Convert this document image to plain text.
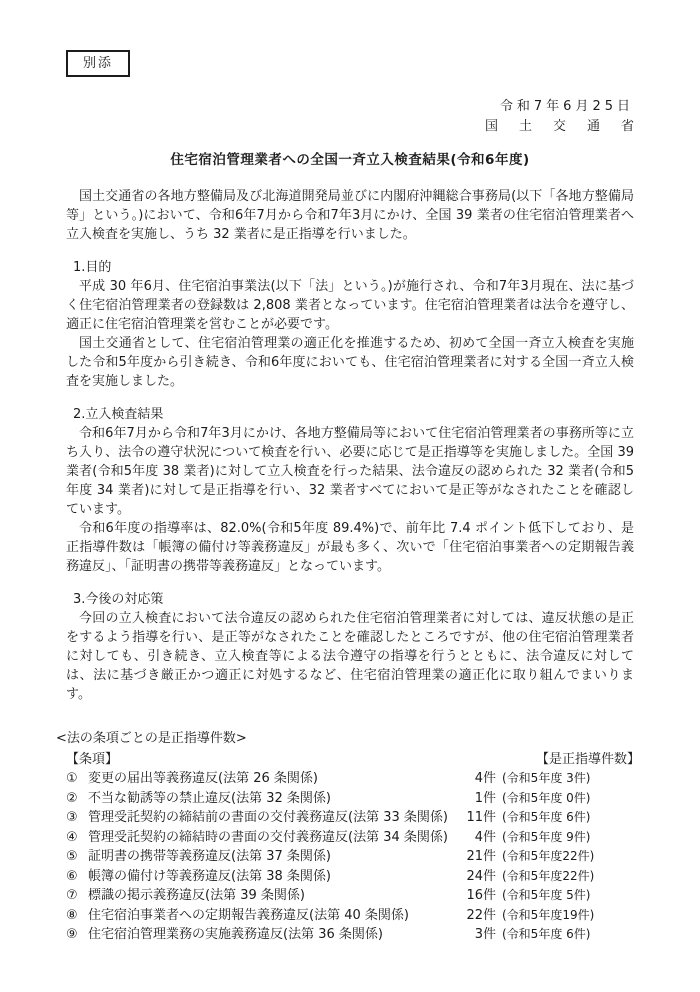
別添
令和7年6月25日
国土交通省
住宅宿泊管理業者への全国一斉立入検査結果(令和6年度)

国土交通省の各地方整備局及び北海道開発局並びに内閣府沖縄総合事務局(以下「各地方整備局等」という。)において、令和6年7月から令和7年3月にかけ、全国 39 業者の住宅宿泊管理業者へ立入検査を実施し、うち 32 業者に是正指導を行いました。

1.目的

平成 30 年6月、住宅宿泊事業法(以下「法」という。)が施行され、令和7年3月現在、法に基づく住宅宿泊管理業者の登録数は 2,808 業者となっています。住宅宿泊管理業者は法令を遵守し、適正に住宅宿泊管理業を営むことが必要です。

国土交通省として、住宅宿泊管理業の適正化を推進するため、初めて全国一斉立入検査を実施した令和5年度から引き続き、令和6年度においても、住宅宿泊管理業者に対する全国一斉立入検査を実施しました。

2.立入検査結果

令和6年7月から令和7年3月にかけ、各地方整備局等において住宅宿泊管理業者の事務所等に立ち入り、法令の遵守状況について検査を行い、必要に応じて是正指導等を実施しました。全国 39 業者(令和5年度 38 業者)に対して立入検査を行った結果、法令違反の認められた 32 業者(令和5年度 34 業者)に対して是正指導を行い、32 業者すべてにおいて是正等がなされたことを確認しています。

令和6年度の指導率は、82.0%(令和5年度 89.4%)で、前年比 7.4 ポイント低下しており、是正指導件数は「帳簿の備付け等義務違反」が最も多く、次いで「住宅宿泊事業者への定期報告義務違反」、「証明書の携帯等義務違反」となっています。

3.今後の対応策

今回の立入検査において法令違反の認められた住宅宿泊管理業者に対しては、違反状態の是正をするよう指導を行い、是正等がなされたことを確認したところですが、他の住宅宿泊管理業者に対しても、引き続き、立入検査等による法令遵守の指導を行うとともに、法令違反に対しては、法に基づき厳正かつ適正に対処するなど、住宅宿泊管理業の適正化に取り組んでまいります。

<法の条項ごとの是正指導件数>
【条項】	【是正指導件数】
① 変更の届出等義務違反(法第 26 条関係)	4件 (令和5年度 3件)
② 不当な勧誘等の禁止違反(法第 32 条関係)	1件 (令和5年度 0件)
③ 管理受託契約の締結前の書面の交付義務違反(法第 33 条関係)	11件 (令和5年度 6件)
④ 管理受託契約の締結時の書面の交付義務違反(法第 34 条関係)	4件 (令和5年度 9件)
⑤ 証明書の携帯等義務違反(法第 37 条関係)	21件 (令和5年度22件)
⑥ 帳簿の備付け等義務違反(法第 38 条関係)	24件 (令和5年度22件)
⑦ 標識の掲示義務違反(法第 39 条関係)	16件 (令和5年度 5件)
⑧ 住宅宿泊事業者への定期報告義務違反(法第 40 条関係)	22件 (令和5年度19件)
⑨ 住宅宿泊管理業務の実施義務違反(法第 36 条関係)	3件 (令和5年度 6件)
